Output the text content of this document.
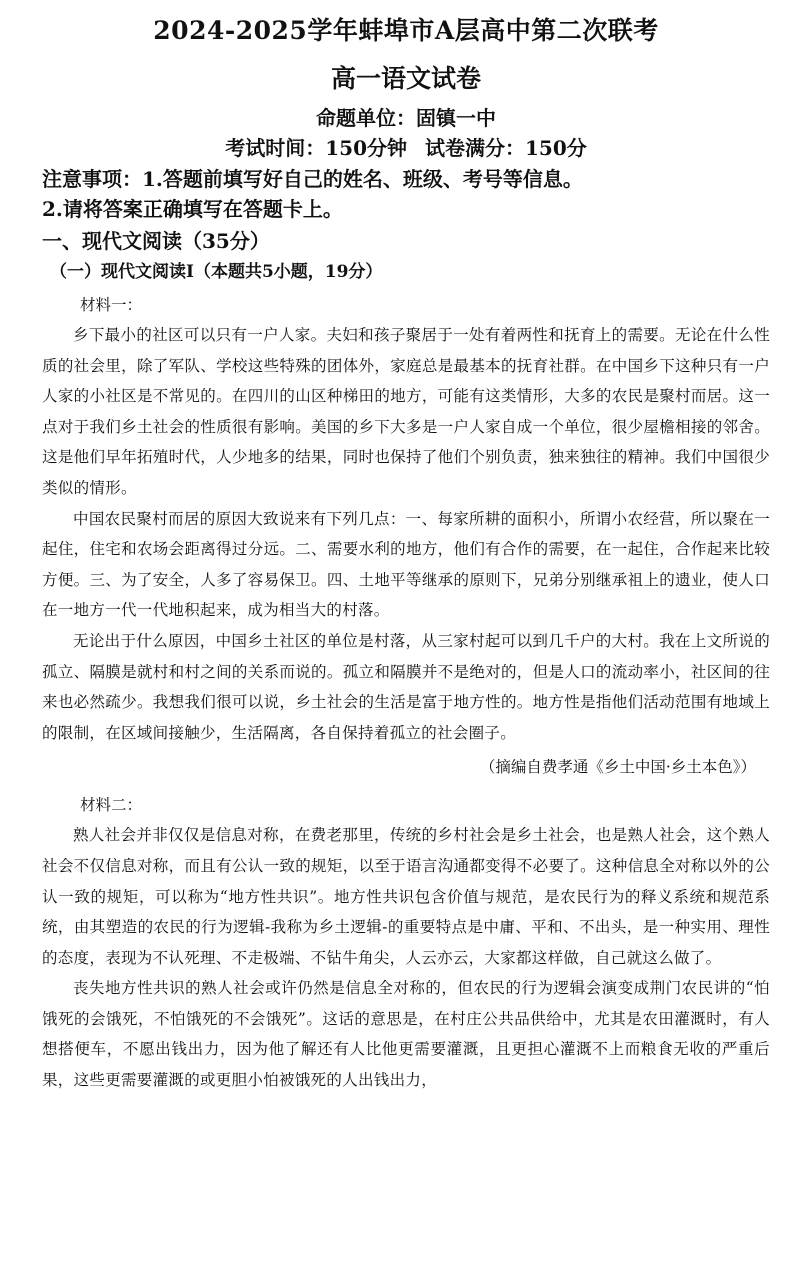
2024-2025学年蚌埠市A层高中第二次联考
高一语文试卷
命题单位：固镇一中
考试时间：150分钟 试卷满分：150分
注意事项：1.答题前填写好自己的姓名、班级、考号等信息。
2.请将答案正确填写在答题卡上。
一、现代文阅读（35分）
（一）现代文阅读Ⅰ（本题共5小题，19分）
材料一：

乡下最小的社区可以只有一户人家。夫妇和孩子聚居于一处有着两性和抚育上的需要。无论在什么性质的社会里，除了军队、学校这些特殊的团体外，家庭总是最基本的抚育社群。在中国乡下这种只有一户人家的小社区是不常见的。在四川的山区种梯田的地方，可能有这类情形，大多的农民是聚村而居。这一点对于我们乡土社会的性质很有影响。美国的乡下大多是一户人家自成一个单位，很少屋檐相接的邻舍。这是他们早年拓殖时代，人少地多的结果，同时也保持了他们个别负责，独来独往的精神。我们中国很少类似的情形。

中国农民聚村而居的原因大致说来有下列几点：一、每家所耕的面积小，所谓小农经营，所以聚在一起住，住宅和农场会距离得过分远。二、需要水利的地方，他们有合作的需要，在一起住，合作起来比较方便。三、为了安全，人多了容易保卫。四、土地平等继承的原则下，兄弟分别继承祖上的遗业，使人口在一地方一代一代地积起来，成为相当大的村落。

无论出于什么原因，中国乡土社区的单位是村落，从三家村起可以到几千户的大村。我在上文所说的孤立、隔膜是就村和村之间的关系而说的。孤立和隔膜并不是绝对的，但是人口的流动率小，社区间的往来也必然疏少。我想我们很可以说，乡土社会的生活是富于地方性的。地方性是指他们活动范围有地域上的限制，在区域间接触少，生活隔离，各自保持着孤立的社会圈子。

（摘编自费孝通《乡土中国·乡土本色》）
材料二：

熟人社会并非仅仅是信息对称，在费老那里，传统的乡村社会是乡土社会，也是熟人社会，这个熟人社会不仅信息对称，而且有公认一致的规矩，以至于语言沟通都变得不必要了。这种信息全对称以外的公认一致的规矩，可以称为“地方性共识”。地方性共识包含价值与规范，是农民行为的释义系统和规范系统，由其塑造的农民的行为逻辑-我称为乡土逻辑-的重要特点是中庸、平和、不出头，是一种实用、理性的态度，表现为不认死理、不走极端、不钻牛角尖，人云亦云，大家都这样做，自己就这么做了。

丧失地方性共识的熟人社会或许仍然是信息全对称的，但农民的行为逻辑会演变成荆门农民讲的“怕饿死的会饿死，不怕饿死的不会饿死”。这话的意思是，在村庄公共品供给中，尤其是农田灌溉时，有人想搭便车，不愿出钱出力，因为他了解还有人比他更需要灌溉，且更担心灌溉不上而粮食无收的严重后果，这些更需要灌溉的或更胆小怕被饿死的人出钱出力，
